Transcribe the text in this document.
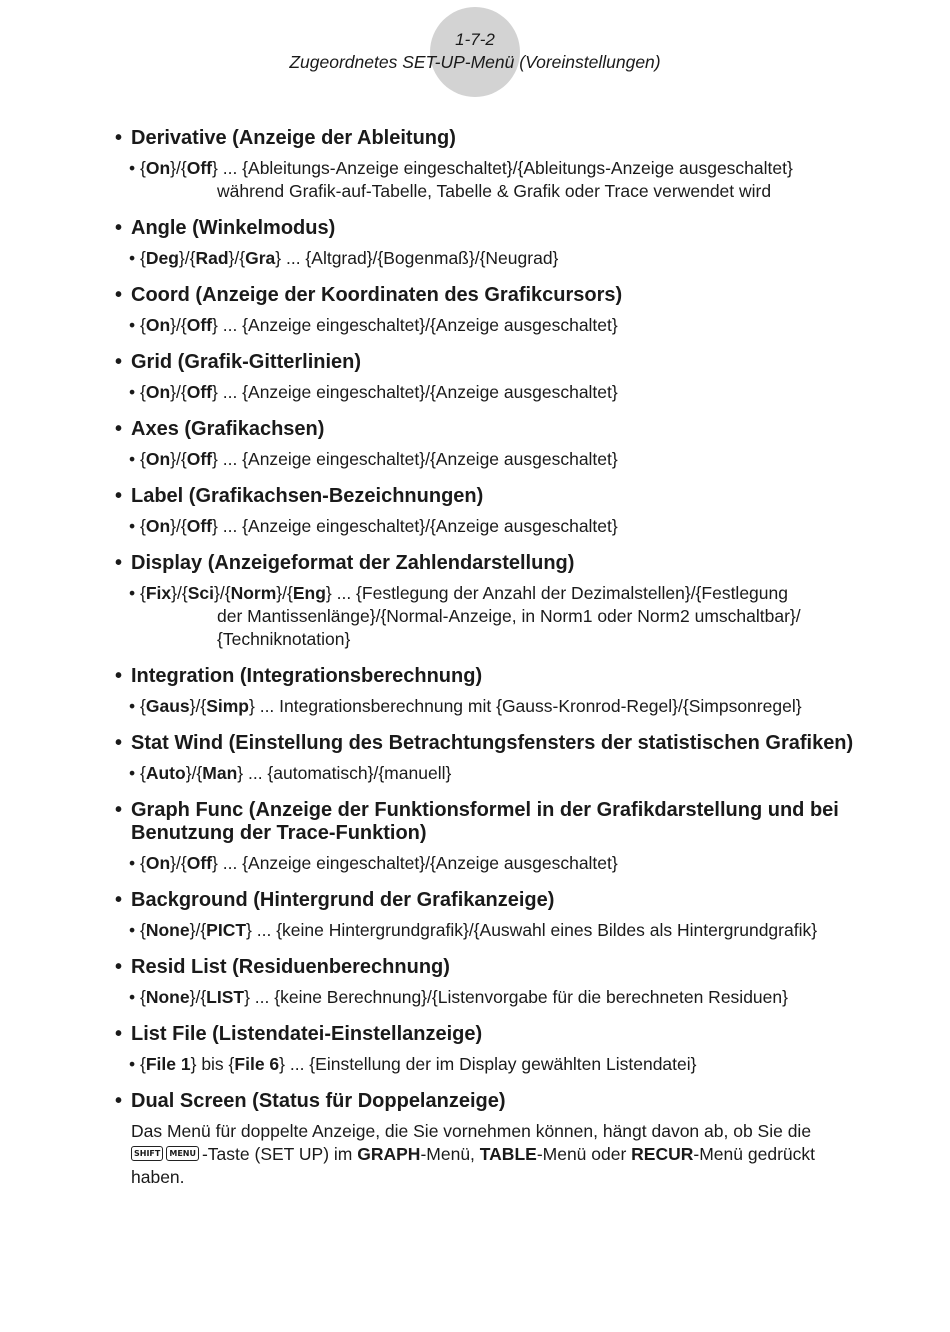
1-7-2
Zugeordnetes SET-UP-Menü (Voreinstellungen)
• Derivative (Anzeige der Ableitung)
• {On}/{Off} ... {Ableitungs-Anzeige eingeschaltet}/{Ableitungs-Anzeige ausgeschaltet}
während Grafik-auf-Tabelle, Tabelle & Grafik oder Trace verwendet wird
• Angle (Winkelmodus)
• {Deg}/{Rad}/{Gra} ... {Altgrad}/{Bogenmaß}/{Neugrad}
• Coord (Anzeige der Koordinaten des Grafikcursors)
• {On}/{Off} ... {Anzeige eingeschaltet}/{Anzeige ausgeschaltet}
• Grid (Grafik-Gitterlinien)
• {On}/{Off} ... {Anzeige eingeschaltet}/{Anzeige ausgeschaltet}
• Axes (Grafikachsen)
• {On}/{Off} ... {Anzeige eingeschaltet}/{Anzeige ausgeschaltet}
• Label (Grafikachsen-Bezeichnungen)
• {On}/{Off} ... {Anzeige eingeschaltet}/{Anzeige ausgeschaltet}
• Display (Anzeigeformat der Zahlendarstellung)
• {Fix}/{Sci}/{Norm}/{Eng} ... {Festlegung der Anzahl der Dezimalstellen}/{Festlegung
der Mantissenlänge}/{Normal-Anzeige, in Norm1 oder Norm2 umschaltbar}/
{Techniknotation}
• Integration (Integrationsberechnung)
• {Gaus}/{Simp} ... Integrationsberechnung mit {Gauss-Kronrod-Regel}/{Simpsonregel}
• Stat Wind (Einstellung des Betrachtungsfensters der statistischen Grafiken)
• {Auto}/{Man} ... {automatisch}/{manuell}
• Graph Func (Anzeige der Funktionsformel in der Grafikdarstellung und bei Benutzung der Trace-Funktion)
• {On}/{Off} ... {Anzeige eingeschaltet}/{Anzeige ausgeschaltet}
• Background (Hintergrund der Grafikanzeige)
• {None}/{PICT} ... {keine Hintergrundgrafik}/{Auswahl eines Bildes als Hintergrundgrafik}
• Resid List (Residuenberechnung)
• {None}/{LIST} ... {keine Berechnung}/{Listenvorgabe für die berechneten Residuen}
• List File (Listendatei-Einstellanzeige)
• {File 1} bis {File 6} ... {Einstellung der im Display gewählten Listendatei}
• Dual Screen (Status für Doppelanzeige)
Das Menü für doppelte Anzeige, die Sie vornehmen können, hängt davon ab, ob Sie die
SHIFT MENU -Taste (SET UP) im GRAPH-Menü, TABLE-Menü oder RECUR-Menü gedrückt
haben.
